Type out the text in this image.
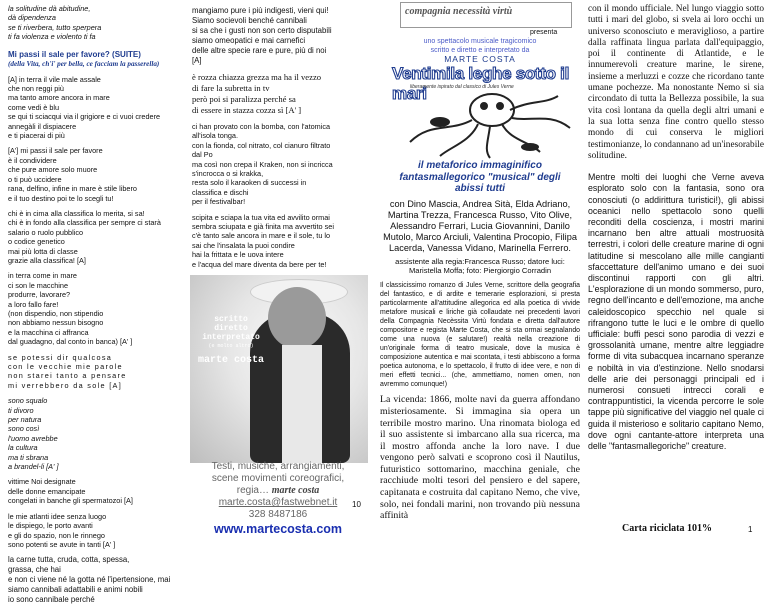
la solitudine dà abitudine,
dà dipendenza
se ti riverbera, tutto sperpera
ti fa violenza e violento ti fa
Mi passi il sale per favore? (SUITE)
(della Vita, ch'i' per bella, ce facciam la passerella)

[A] in terra il vile male assale
che non reggi più
ma tanto amore ancora in mare
come vedi è blu
se qui ti sciacqui via il grigiore e ci vuoi credere
annegàli il dispiacere
e ti piacerai di più

[A'] mi passi il sale per favore
è il condividere
che pure amore solo muore
o ti può uccidere
rana, delfino, infine in mare è stile libero
e il tuo destino poi te lo scegli tu!

chi è in cima alla classifica lo merita, si sa!
chi è in fondo alla classifica per sempre ci starà
salario o ruolo pubblico
o codice genetico
mai più lotta di classe
grazie alla classifica! [A]

in terra come in mare
ci son le macchine
produrre, lavorare?
a loro fallo fare!
(non dispendio, non stipendio
non abbiamo nessun bisogno
e la macchina ci affranca
dal guadagno, dal conto in banca) [A' ]

se potessi dir qualcosa
con le vecchie mie parole
non starei tanto a pensare
mi verrebbero da sole [A]

sono squalo
ti divoro
per natura
sono così
l'uomo avrebbe
la cultura
ma ti sbrana
a brandel-li [A' ]

vittime Noi designate
delle donne emancipate
congelati in banche gli spermatozoi [A]

le mie atlanti idee senza luogo
le dispiego, le porto avanti
e gli do spazio, non le rinnego
sono potenti se avute in tanti [A' ]

la carne tutta, cruda, cotta, spessa,
grassa, che hai
e non ci viene né la gotta né l'ipertensione, mai
siamo cannibali adattabili e animi nobili
io sono cannibale perché

mangiamo pure i più indigesti, vieni qui!
Siamo socievoli benché cannibali
si sa che i gusti non son certo disputabili
siamo omeopatici e mai carnefici
delle altre specie rare e pure, più di noi
[A]

è rozza chiazza grezza ma ha il vezzo
di fare la subretta in tv
però poi si paralizza perché sa
di essere in stazza cozza sì [A' ]

ci han provato con la bomba, con l'atomica
all'isola tonga.
con la fionda, col nitrato, col cianuro filtrato
dal Po
ma così non crepa il Kraken, non si incricca
s'incrocca o si krakka,
resta solo il karaoken di successi in
classifica e dischi
per il festivalbar!

scipita e sciapa la tua vita ed avvilito ormai
sembra sciupata e già finita ma avvertito sei
c'è tanto sale ancora in mare e il sole, tu lo
sai che l'insalata la puoi condire
hai la frittata e le uova intere
e l'acqua del mare diventa da bere per te!

scritto
diretto
interpretato
(e molto altro)
marte costa
Testi, musiche, arrangiamenti,
scene movimenti coreografici,
regia… marte costa
marte.costa@fastwebnet.it
328 8487186
www.martecosta.com
10
compagnia necessità virtù
presenta
uno spettacolo musicale tragicomico
scritto e diretto e interpretato da
MARTE COSTA
Ventimila leghe sotto il mari
liberamente ispirato dal classico di Jules Verne
il metaforico immaginifico fantasmallegorico "musical" degli abissi tutti
con Dino Mascia, Andrea Sità, Elda Adriano, Martina Trezza, Francesca Russo, Vito Olive, Alessandro Ferrari, Lucia Giovannini, Danilo Mutolo, Marco Arciuli, Valentina Procopio, Filipa Lacerda, Vanessa Vidano, Marinella Ferrero.
assistente alla regia:Francesca Russo; datore luci: Maristella Moffa; foto: Piergiorgio Corradin
Il classicissimo romanzo di Jules Verne, scrittore della geografia del fantastico, e di ardite e temerarie esplorazioni, si presta particolarmente all'attitudine allegorica ed alla poetica di vivide metafore musicali e liriche già collaudate nei precedenti lavori della Compagnia Necèssita Virtù fondata e diretta dall'autore compositore e regista Marte Costa, che si sta ormai segnalando come una nuova (e salutare!) realtà nella creazione di un'originale forma di teatro musicale, dove la musica è composizione autentica e mai scontata, i testi abbiscono a forma poetica autonoma, e lo spettacolo, il frutto di idee vere, e non di meri effetti tecnici... (che, ammettiamo, nomen omen, non avremmo comunque!)
La vicenda: 1866, molte navi da guerra affondano misteriosamente. Si immagina sia opera un terribile mostro marino. Una rinomata biologa ed il suo assistente si imbarcano alla sua ricerca, ma il mostro affonda anche la loro nave. I due vengono però salvati e scoprono così il Nautilus, futuristico sottomarino, macchina geniale, che racchiude molti tesori del pensiero e del sapere, capitanata e costruita dal capitano Nemo, che vive, solo, nei fondali marini, non trovando più nessuna affinità

con il mondo ufficiale. Nel lungo viaggio sotto tutti i mari del globo, si svela ai loro occhi un universo sconosciuto e meraviglioso, a partire dalla raffinata lingua parlata dall'equipaggio, poi il continente di Atlantide, e le innumerevoli creature marine, le sirene, insieme a merluzzi e cozze che ricordano tante umane pochezze. Ma nonostante Nemo si sia circondato di tutta la Bellezza possibile, la sua vita così lontana da quella degli altri umani e la sua lotta senza fine contro quello stesso mondo di cui conserva le migliori testimonianze, lo condannano ad un'inesorabile solitudine.

Mentre molti dei luoghi che Verne aveva esplorato solo con la fantasia, sono ora conosciuti (o addirittura turistici!), gli abissi oceanici nello spettacolo sono quelli reconditi della coscienza, i mostri marini incarnano ben altre attuali mostruosità terrestri, i colori delle creature marine di ogni latitudine si mescolano alle mille cangianti sfaccettature dell'animo umano e dei suoi discontinui rapporti con gli altri. L'esplorazione di un mondo sommerso, puro, regno dell'incanto e dell'emozione, ma anche caleidoscopico specchio nel quale si rifrangono tutte le luci e le ombre di quello ufficiale: buffi pesci sono parodia di vezzi e grossolanità umane, mentre altre leggiadre forme di vita subacquea incarnano speranze e nobiltà in via d'estinzione. Nello snodarsi delle arie dei personaggi principali ed i numerosi consueti intrecci corali e contrappuntistici, la vicenda percorre le sole tappe più significative del viaggio nel quale ci guida il misterioso e solitario capitano Nemo, dove ogni cantante-attore interpreta una delle "fantasmallegoriche" creature.

Carta riciclata 101%	1
